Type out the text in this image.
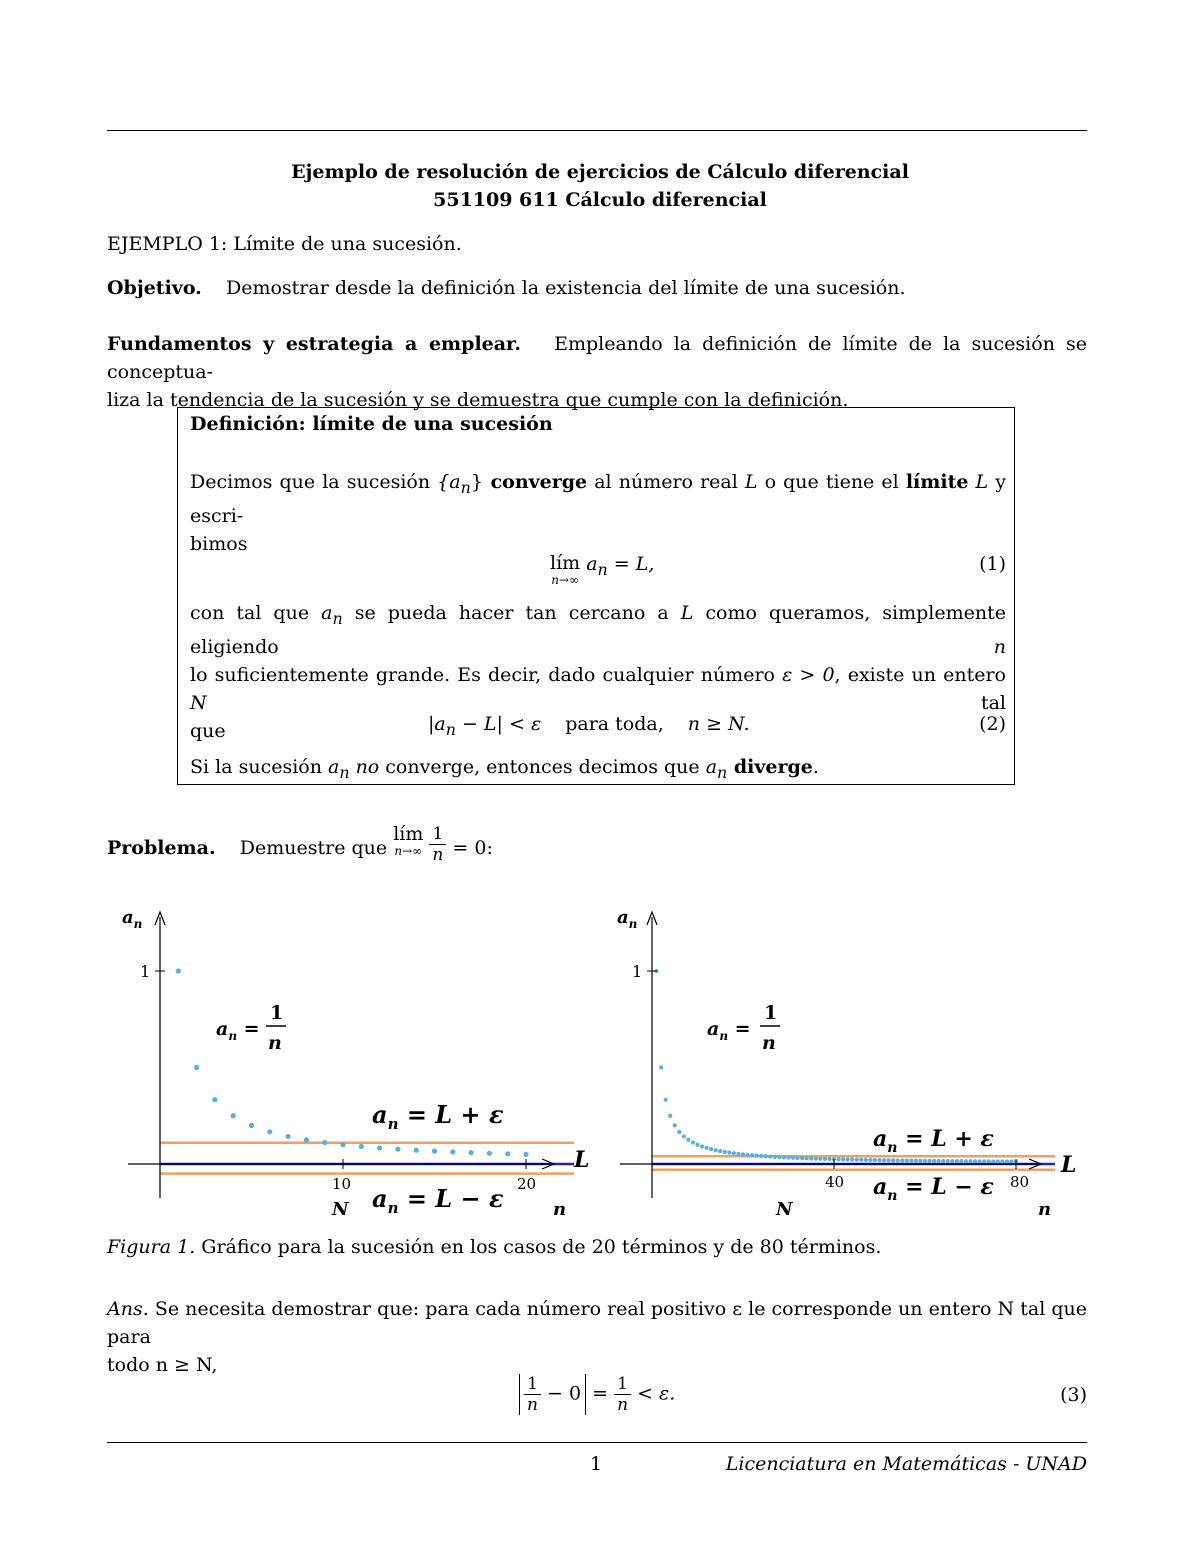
Ejemplo de resolución de ejercicios de Cálculo diferencial
551109 611 Cálculo diferencial
EJEMPLO 1: Límite de una sucesión.
Objetivo. Demostrar desde la definición la existencia del límite de una sucesión.
Fundamentos y estrategia a emplear. Empleando la definición de límite de la sucesión se conceptua-
liza la tendencia de la sucesión y se demuestra que cumple con la definición.
Definición: límite de una sucesión
Decimos que la sucesión $\{a_n\}$ converge al número real L o que tiene el límite L y escri-
bimos
lím
n→∞
$a_n = L$,	(1)
con tal que $a_n$ se pueda hacer tan cercano a L como queramos, simplemente eligiendo n
lo suficientemente grande. Es decir, dado cualquier número ε > 0, existe un entero N tal
que	$|a_n - L| < \varepsilon$ para toda, n ≥ N.	(2)
Si la sucesión $a_n$ no converge, entonces decimos que $a_n$ diverge.
Problema. Demuestre que lím
n→∞
$\frac{1}{n} = 0$:
$a_n$
1
10	20
n
N
L
$a_n$ =
1
n
$a_n = L + \varepsilon$
$a_n = L - \varepsilon$
$a_n$
1
40	80
n
N
L
$a_n$ =
1
n
$a_n = L + \varepsilon$
$a_n = L - \varepsilon$
Figura 1. Gráfico para la sucesión en los casos de 20 términos y de 80 términos.
Ans. Se necesita demostrar que: para cada número real positivo ε le corresponde un entero N tal que para
todo n ≥ N,
$\frac{1}{n} - 0 = \frac{1}{n} < \varepsilon$.	(3)
1	Licenciatura en Matemáticas - UNAD
